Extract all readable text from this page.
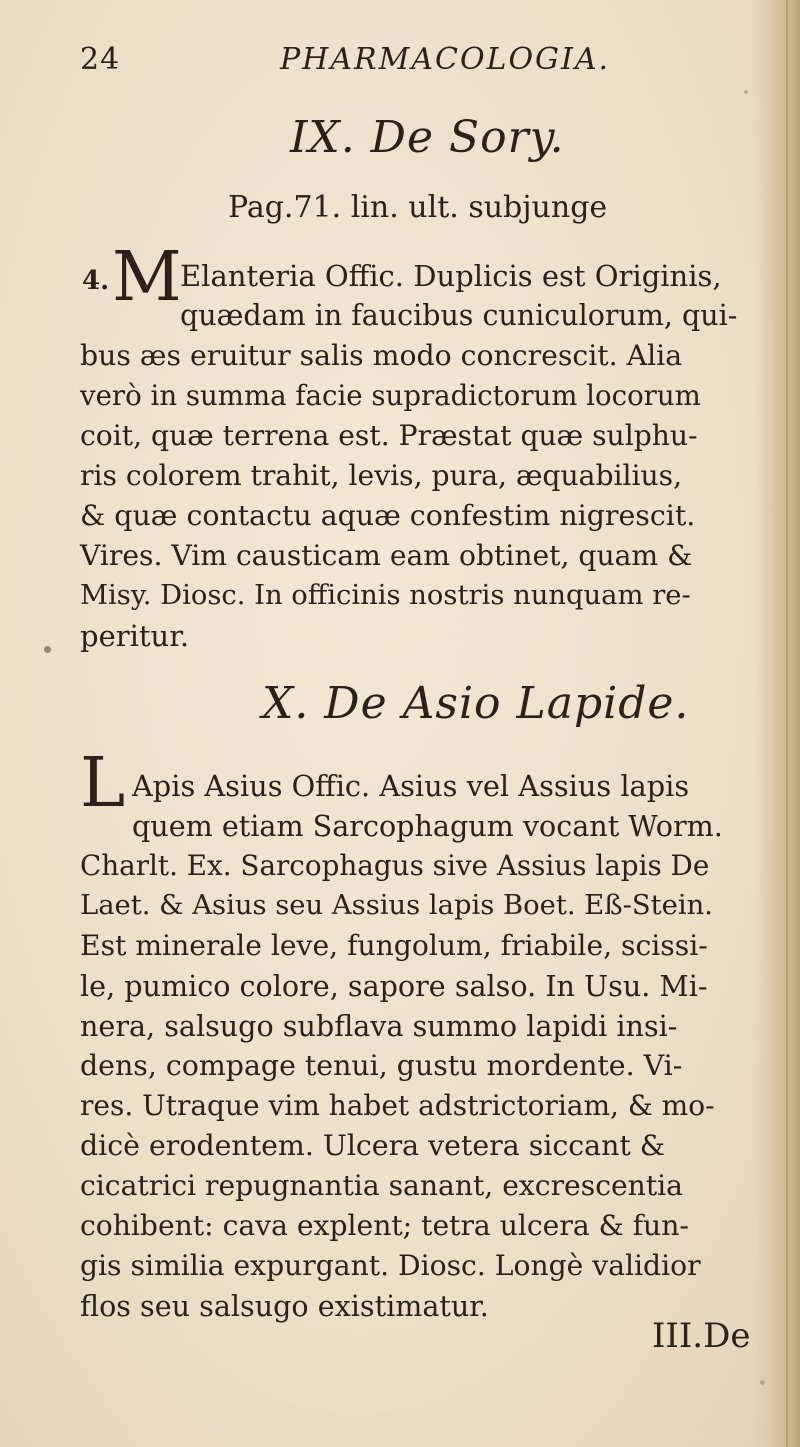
24	PHARMACOLOGIA.
IX. De Sory.
Pag.71. lin. ult. subjunge
4. M
Elanteria Offic. Duplicis est Originis,
quædam in faucibus cuniculorum, qui-
bus æs eruitur salis modo concrescit. Alia
verò in summa facie supradictorum locorum
coit, quæ terrena est. Præstat quæ sulphu-
ris colorem trahit, levis, pura, æquabilius,
& quæ contactu aquæ confestim nigrescit.
Vires. Vim causticam eam obtinet, quam &
Misy. Diosc. In officinis nostris nunquam re-
peritur.
X. De Asio Lapide.
L Apis Asius Offic. Asius vel Assius lapis
quem etiam Sarcophagum vocant Worm.
Charlt. Ex. Sarcophagus sive Assius lapis De
Laet. & Asius seu Assius lapis Boet. Eß-Stein.
Est minerale leve, fungolum, friabile, scissi-
le, pumico colore, sapore salso. In Usu. Mi-
nera, salsugo subflava summo lapidi insi-
dens, compage tenui, gustu mordente. Vi-
res. Utraque vim habet adstrictoriam, & mo-
dicè erodentem. Ulcera vetera siccant &
cicatrici repugnantia sanant, excrescentia
cohibent: cava explent; tetra ulcera & fun-
gis similia expurgant. Diosc. Longè validior
flos seu salsugo existimatur.
III.De
